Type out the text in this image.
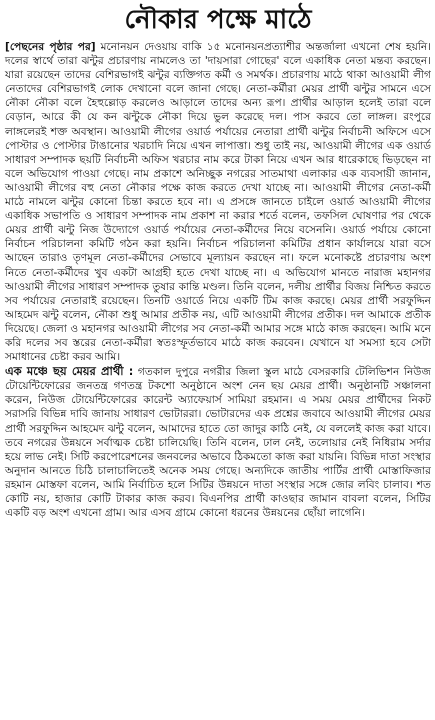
নৌকার পক্ষে মাঠে

[পেছনের পৃষ্ঠার পর] মনোনয়ন দেওয়ায় বাকি ১৫ মনোনয়নপ্রত্যাশীর অন্তর্জালা এখনো শেষ হয়নি। দলের স্বার্থে তারা ঝন্টুর প্রচারণায় নামলেও তা 'দায়সারা গোছের' বলে একাধিক নেতা মন্তব্য করছেন। যারা রয়েছেন তাদের বেশিরভাগই ঝন্টুর ব্যক্তিগত কর্মী ও সমর্থক। প্রচারণায় মাঠে থাকা আওয়ামী লীগ নেতাদের বেশিরভাগই লোক দেখানো বলে জানা গেছে। নেতা-কর্মীরা মেয়র প্রার্থী ঝন্টুর সামনে এসে নৌকা নৌকা বলে হৈহুল্লোড় করলেও আড়ালে তাদের অন্য রূপ। প্রার্থীর আড়াল হলেই তারা বলে বেড়ান, আরে কী যে কন ঝন্টুকে নৌকা দিয়ে ভুল করেছে দল। পাস করবে তো লাঙ্গল। রংপুরে লাঙ্গলেরই শক্ত অবস্থান। আওয়ামী লীগের ওয়ার্ড পর্যায়ের নেতারা প্রার্থী ঝন্টুর নির্বাচনী অফিসে এসে পোস্টার ও পোস্টার টাঙানোর খরচাদি নিয়ে এখন লাপাত্তা। শুধু তাই নয়, আওয়ামী লীগের এক ওয়ার্ড সাধারণ সম্পাদক ছয়টি নির্বাচনী অফিস খরচার নাম করে টাকা নিয়ে এখন আর ধারেকাছে ভিড়ছেন না বলে অভিযোগ পাওয়া গেছে। নাম প্রকাশে অনিচ্ছুক নগরের সাতমাথা এলাকার এক ব্যবসায়ী জানান, আওয়ামী লীগের বহু নেতা নৌকার পক্ষে কাজ করতে দেখা যাচ্ছে না। আওয়ামী লীগের নেতা-কর্মী মাঠে নামলে ঝন্টুর কোনো চিন্তা করতে হবে না। এ প্রসঙ্গে জানতে চাইলে ওয়ার্ড আওয়ামী লীগের একাধিক সভাপতি ও সাধারণ সম্পাদক নাম প্রকাশ না করার শর্তে বলেন, তফসিল ঘোষণার পর থেকে মেয়র প্রার্থী ঝন্টু নিজ উদ্যোগে ওয়ার্ড পর্যায়ের নেতা-কর্মীদের নিয়ে বসেননি। ওয়ার্ড পর্যায়ে কোনো নির্বাচন পরিচালনা কমিটি গঠন করা হয়নি। নির্বাচন পরিচালনা কমিটির প্রধান কার্যালয়ে যারা বসে আছেন তারাও তৃণমূল নেতা-কর্মীদের সেভাবে মূল্যায়ন করছেন না। ফলে মনোকষ্টে প্রচারণায় অংশ নিতে নেতা-কর্মীদের খুব একটা আগ্রহী হতে দেখা যাচ্ছে না। এ অভিযোগ মানতে নারাজ মহানগর আওয়ামী লীগের সাধারণ সম্পাদক তুষার কান্তি মণ্ডল। তিনি বলেন, দলীয় প্রার্থীর বিজয় নিশ্চিত করতে সব পর্যায়ের নেতারাই রয়েছেন। তিনটি ওয়ার্ডে নিয়ে একটি টিম কাজ করছে। মেয়র প্রার্থী সরফুদ্দিন আহমেদ ঝন্টু বলেন, নৌকা শুধু আমার প্রতীক নয়, এটি আওয়ামী লীগের প্রতীক। দল আমাকে প্রতীক দিয়েছে। জেলা ও মহানগর আওয়ামী লীগের সব নেতা-কর্মী আমার সঙ্গে মাঠে কাজ করছেন। আমি মনে করি দলের সব স্তরের নেতা-কর্মীরা স্বতঃস্ফূর্তভাবে মাঠে কাজ করবেন। যেখানে যা সমস্যা হবে সেটা সমাধানের চেষ্টা করব আমি।

এক মঞ্চে ছয় মেয়র প্রার্থী : গতকাল দুপুরে নগরীর জিলা স্কুল মাঠে বেসরকারি টেলিভিশন নিউজ টোয়েন্টিফোরের জনতন্ত্র গণতন্ত্র টকশো অনুষ্ঠানে অংশ নেন ছয় মেয়র প্রার্থী। অনুষ্ঠানটি সঞ্চালনা করেন, নিউজ টোয়েন্টিফোরের কারেন্ট অ্যাফেয়ার্স সামিয়া রহমান। এ সময় মেয়র প্রার্থীদের নিকট সরাসরি বিভিন্ন দাবি জানায় সাধারণ ভোটাররা। ভোটারদের এক প্রশ্নের জবাবে আওয়ামী লীগের মেয়র প্রার্থী সরফুদ্দিন আহমেদ ঝন্টু বলেন, আমাদের হাতে তো জাদুর কাঠি নেই, যে বললেই কাজ করা যাবে। তবে নগরের উন্নয়নে সর্বাত্মক চেষ্টা চালিয়েছি। তিনি বলেন, ঢাল নেই, তলোয়ার নেই নিধিরাম সর্দার হয়ে লাভ নেই। সিটি করপোরেশনের জনবলের অভাবে ঠিকমতো কাজ করা যায়নি। বিভিন্ন দাতা সংস্থার অনুদান আনতে চিঠি চালাচালিতেই অনেক সময় গেছে। অন্যদিকে জাতীয় পার্টির প্রার্থী মোস্তাফিজার রহমান মোস্তফা বলেন, আমি নির্বাচিত হলে সিটির উন্নয়নে দাতা সংস্থার সঙ্গে জোর লবিং চালাব। শত কোটি নয়, হাজার কোটি টাকার কাজ করব। বিএনপির প্রার্থী কাওছার জামান বাবলা বলেন, সিটির একটি বড় অংশ এখনো গ্রাম। আর এসব গ্রামে কোনো ধরনের উন্নয়নের ছোঁয়া লাগেনি।
